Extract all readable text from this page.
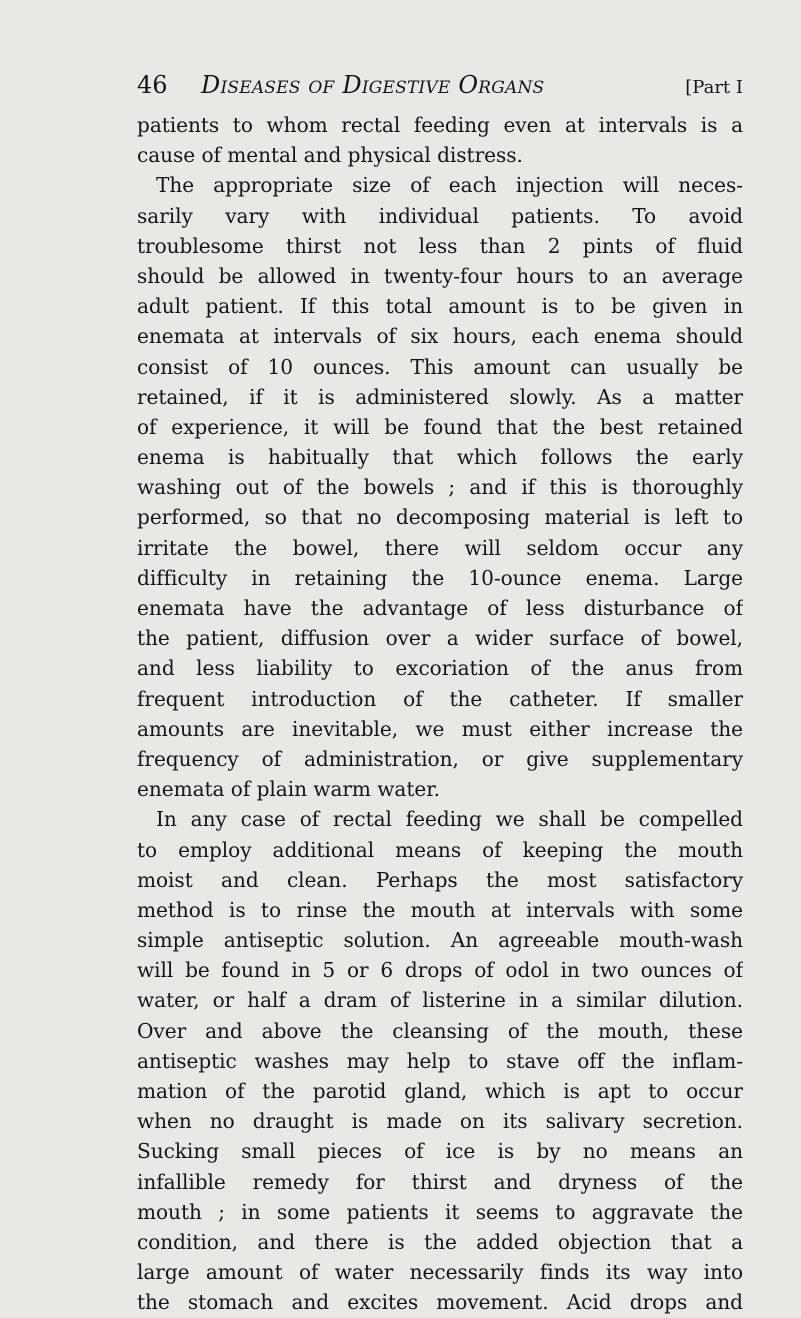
46	Diseases of Digestive Organs	[Part I
patients to whom rectal feeding even at intervals is a
cause of mental and physical distress.
The appropriate size of each injection will neces-
sarily vary with individual patients. To avoid
troublesome thirst not less than 2 pints of fluid
should be allowed in twenty-four hours to an average
adult patient. If this total amount is to be given in
enemata at intervals of six hours, each enema should
consist of 10 ounces. This amount can usually be
retained, if it is administered slowly. As a matter
of experience, it will be found that the best retained
enema is habitually that which follows the early
washing out of the bowels ; and if this is thoroughly
performed, so that no decomposing material is left to
irritate the bowel, there will seldom occur any
difficulty in retaining the 10-ounce enema. Large
enemata have the advantage of less disturbance of
the patient, diffusion over a wider surface of bowel,
and less liability to excoriation of the anus from
frequent introduction of the catheter. If smaller
amounts are inevitable, we must either increase the
frequency of administration, or give supplementary
enemata of plain warm water.
In any case of rectal feeding we shall be compelled
to employ additional means of keeping the mouth
moist and clean. Perhaps the most satisfactory
method is to rinse the mouth at intervals with some
simple antiseptic solution. An agreeable mouth-wash
will be found in 5 or 6 drops of odol in two ounces of
water, or half a dram of listerine in a similar dilution.
Over and above the cleansing of the mouth, these
antiseptic washes may help to stave off the inflam-
mation of the parotid gland, which is apt to occur
when no draught is made on its salivary secretion.
Sucking small pieces of ice is by no means an
infallible remedy for thirst and dryness of the
mouth ; in some patients it seems to aggravate the
condition, and there is the added objection that a
large amount of water necessarily finds its way into
the stomach and excites movement. Acid drops and
